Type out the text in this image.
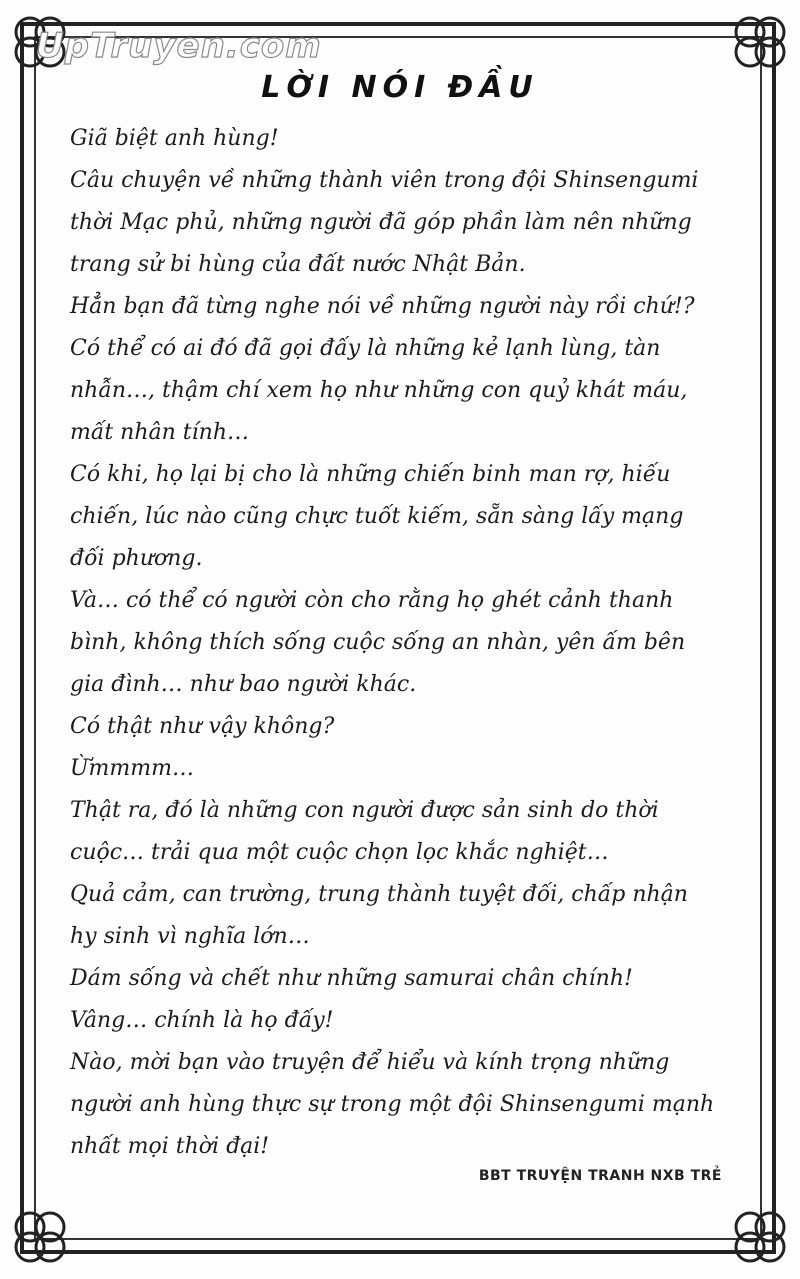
UpTruyen.com
LỜI NÓI ĐẦU
Giã biệt anh hùng!
Câu chuyện về những thành viên trong đội Shinsengumi
thời Mạc phủ, những người đã góp phần làm nên những
trang sử bi hùng của đất nước Nhật Bản.
Hẳn bạn đã từng nghe nói về những người này rồi chứ!?
Có thể có ai đó đã gọi đấy là những kẻ lạnh lùng, tàn
nhẫn…, thậm chí xem họ như những con quỷ khát máu,
mất nhân tính…
Có khi, họ lại bị cho là những chiến binh man rợ, hiếu
chiến, lúc nào cũng chực tuốt kiếm, sẵn sàng lấy mạng
đối phương.
Và… có thể có người còn cho rằng họ ghét cảnh thanh
bình, không thích sống cuộc sống an nhàn, yên ấm bên
gia đình… như bao người khác.
Có thật như vậy không?
Ừmmmm…
Thật ra, đó là những con người được sản sinh do thời
cuộc… trải qua một cuộc chọn lọc khắc nghiệt…
Quả cảm, can trường, trung thành tuyệt đối, chấp nhận
hy sinh vì nghĩa lớn…
Dám sống và chết như những samurai chân chính!
Vâng… chính là họ đấy!
Nào, mời bạn vào truyện để hiểu và kính trọng những
người anh hùng thực sự trong một đội Shinsengumi mạnh
nhất mọi thời đại!
BBT TRUYỆN TRANH NXB TRẺ
